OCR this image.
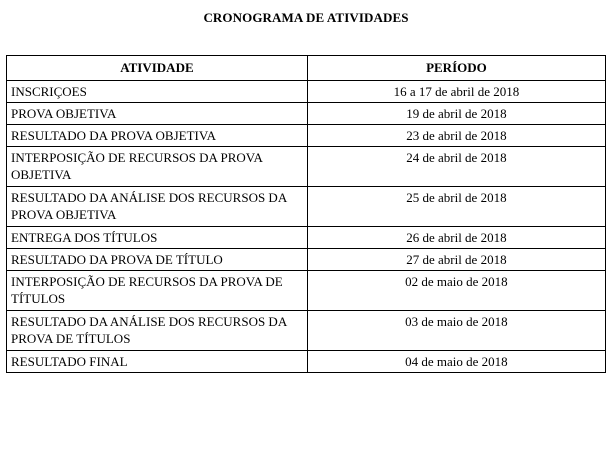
CRONOGRAMA DE ATIVIDADES
ATIVIDADE	PERÍODO
INSCRIÇOES	16 a 17 de abril de 2018
PROVA OBJETIVA	19 de abril de 2018
RESULTADO DA PROVA OBJETIVA	23 de abril de 2018
INTERPOSIÇÃO DE RECURSOS DA PROVA OBJETIVA	24 de abril de 2018
RESULTADO DA ANÁLISE DOS RECURSOS DA PROVA OBJETIVA	25 de abril de 2018
ENTREGA DOS TÍTULOS	26 de abril de 2018
RESULTADO DA PROVA DE TÍTULO	27 de abril de 2018
INTERPOSIÇÃO DE RECURSOS DA PROVA DE TÍTULOS	02 de maio de 2018
RESULTADO DA ANÁLISE DOS RECURSOS DA PROVA DE TÍTULOS	03 de maio de 2018
RESULTADO FINAL	04 de maio de 2018
